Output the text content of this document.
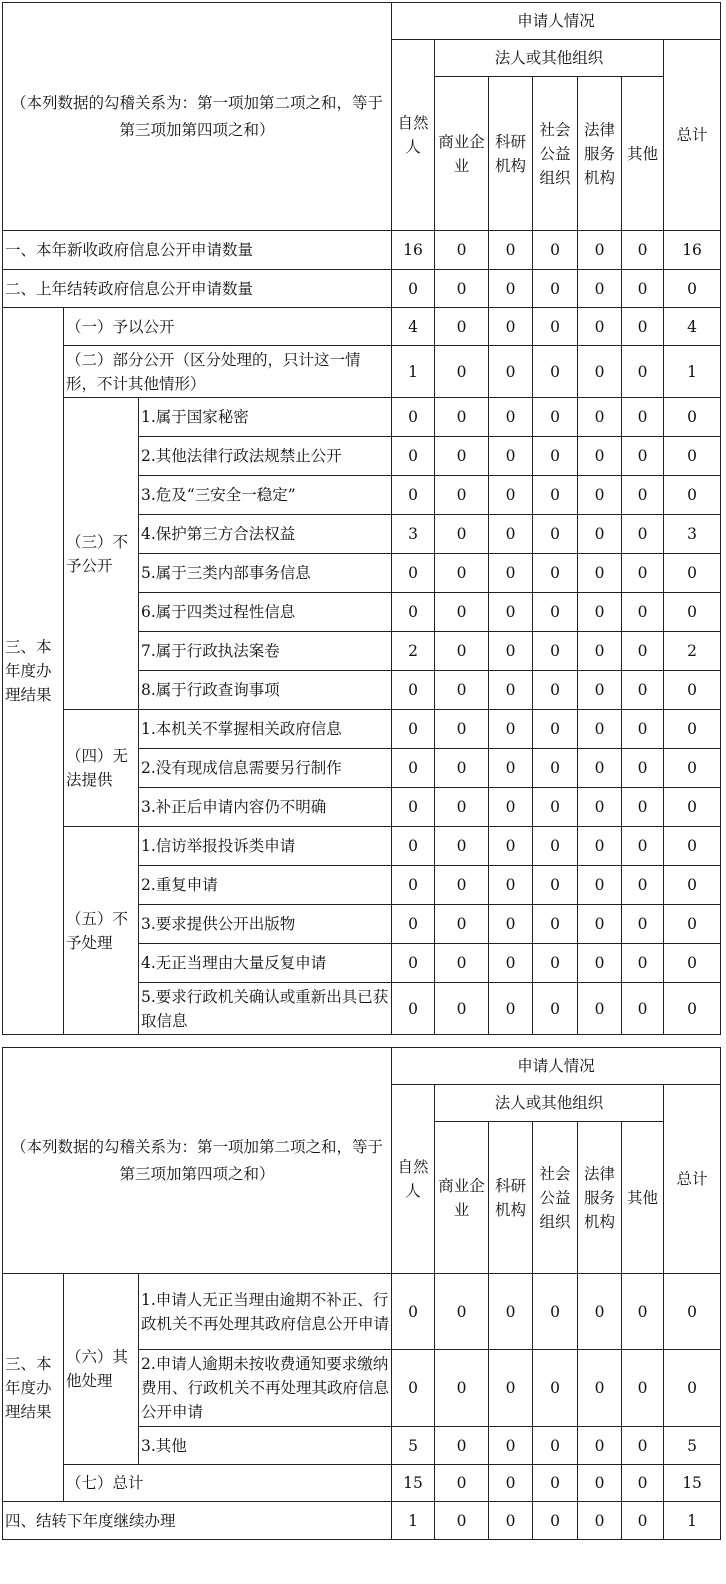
（本列数据的勾稽关系为：第一项加第二项之和，等于第三项加第四项之和）			申请人情况						
			自然人	法人或其他组织					总计
				商业企业	科研机构	社会公益组织	法律服务机构	其他	
一、本年新收政府信息公开申请数量			16	0	0	0	0	0	16
二、上年结转政府信息公开申请数量			0	0	0	0	0	0	0
三、本年度办理结果	（一）予以公开		4	0	0	0	0	0	4
	（二）部分公开（区分处理的，只计这一情形，不计其他情形）		1	0	0	0	0	0	1
	（三）不予公开	1.属于国家秘密	0	0	0	0	0	0	0
		2.其他法律行政法规禁止公开	0	0	0	0	0	0	0
		3.危及“三安全一稳定”	0	0	0	0	0	0	0
		4.保护第三方合法权益	3	0	0	0	0	0	3
		5.属于三类内部事务信息	0	0	0	0	0	0	0
		6.属于四类过程性信息	0	0	0	0	0	0	0
		7.属于行政执法案卷	2	0	0	0	0	0	2
		8.属于行政查询事项	0	0	0	0	0	0	0
	（四）无法提供	1.本机关不掌握相关政府信息	0	0	0	0	0	0	0
		2.没有现成信息需要另行制作	0	0	0	0	0	0	0
		3.补正后申请内容仍不明确	0	0	0	0	0	0	0
	（五）不予处理	1.信访举报投诉类申请	0	0	0	0	0	0	0
		2.重复申请	0	0	0	0	0	0	0
		3.要求提供公开出版物	0	0	0	0	0	0	0
		4.无正当理由大量反复申请	0	0	0	0	0	0	0
		5.要求行政机关确认或重新出具已获取信息	0	0	0	0	0	0	0
（本列数据的勾稽关系为：第一项加第二项之和，等于第三项加第四项之和）			申请人情况						
			自然人	法人或其他组织					总计
				商业企业	科研机构	社会公益组织	法律服务机构	其他	
三、本年度办理结果	（六）其他处理	1.申请人无正当理由逾期不补正、行政机关不再处理其政府信息公开申请	0	0	0	0	0	0	0
		2.申请人逾期未按收费通知要求缴纳费用、行政机关不再处理其政府信息公开申请	0	0	0	0	0	0	0
		3.其他	5	0	0	0	0	0	5
	（七）总计		15	0	0	0	0	0	15
四、结转下年度继续办理			1	0	0	0	0	0	1
